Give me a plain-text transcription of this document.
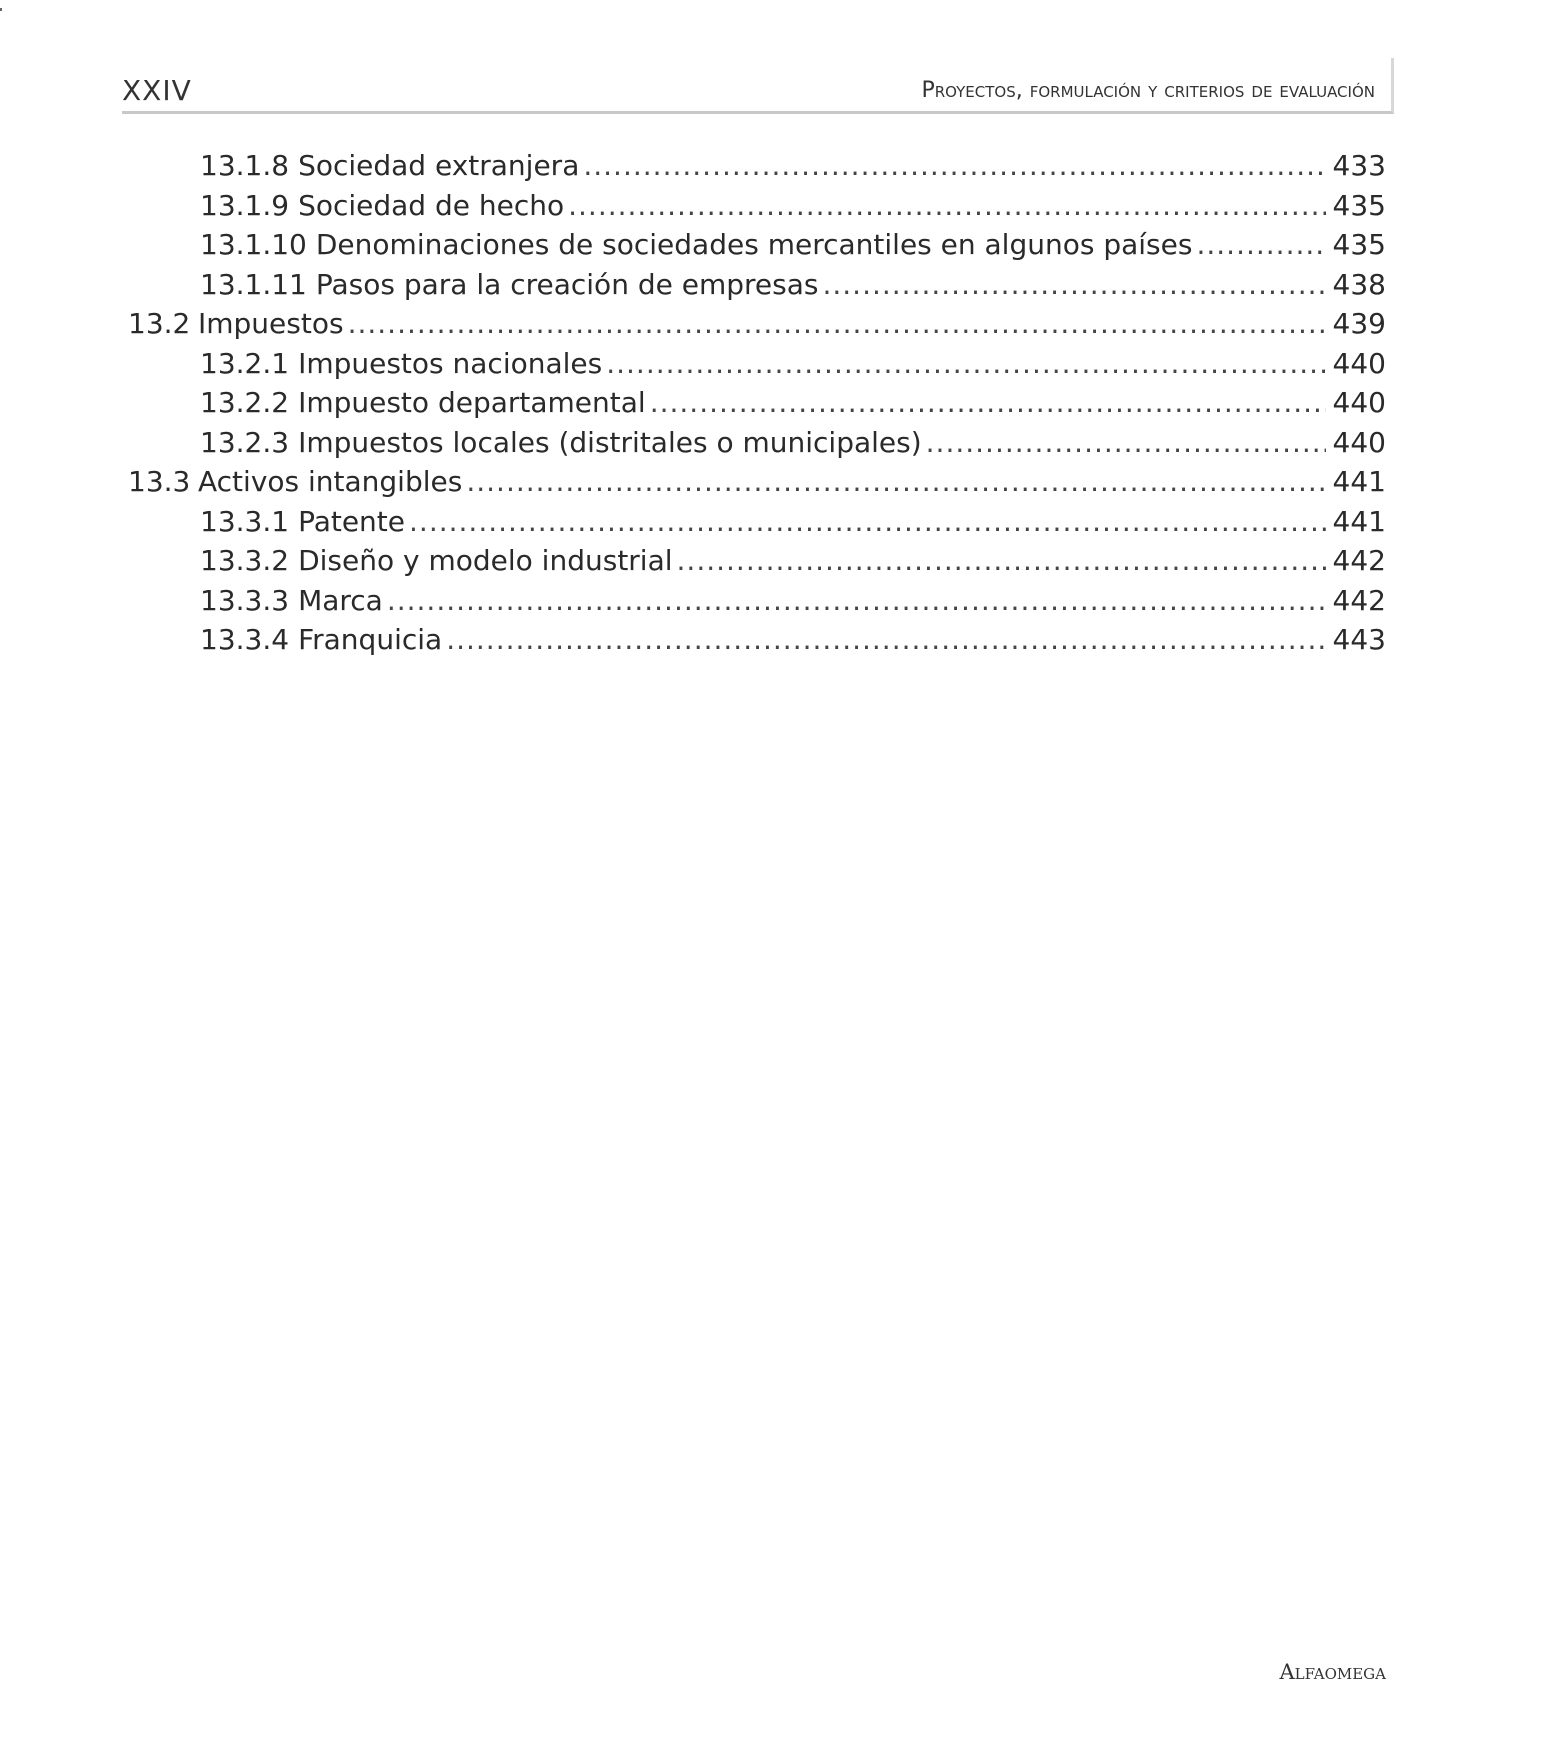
XXIV	Proyectos, formulación y criterios de evaluación
13.1.8 Sociedad extranjera .....	433
13.1.9 Sociedad de hecho .....	435
13.1.10 Denominaciones de sociedades mercantiles en algunos países .....	435
13.1.11 Pasos para la creación de empresas .....	438
13.2 Impuestos .....	439
13.2.1 Impuestos nacionales .....	440
13.2.2 Impuesto departamental .....	440
13.2.3 Impuestos locales (distritales o municipales) .....	440
13.3 Activos intangibles .....	441
13.3.1 Patente .....	441
13.3.2 Diseño y modelo industrial .....	442
13.3.3 Marca .....	442
13.3.4 Franquicia .....	443
Alfaomega
